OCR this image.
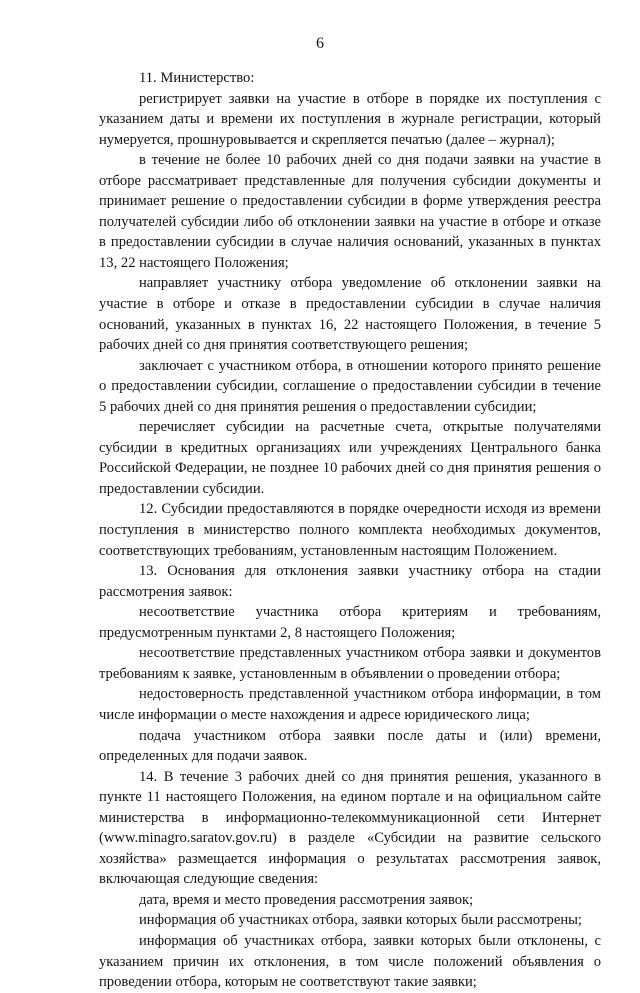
6

11. Министерство:

регистрирует заявки на участие в отборе в порядке их поступления с указанием даты и времени их поступления в журнале регистрации, который нумеруется, прошнуровывается и скрепляется печатью (далее – журнал);

в течение не более 10 рабочих дней со дня подачи заявки на участие в отборе рассматривает представленные для получения субсидии документы и принимает решение о предоставлении субсидии в форме утверждения реестра получателей субсидии либо об отклонении заявки на участие в отборе и отказе в предоставлении субсидии в случае наличия оснований, указанных в пунктах 13, 22 настоящего Положения;

направляет участнику отбора уведомление об отклонении заявки на участие в отборе и отказе в предоставлении субсидии в случае наличия оснований, указанных в пунктах 16, 22 настоящего Положения, в течение 5 рабочих дней со дня принятия соответствующего решения;

заключает с участником отбора, в отношении которого принято решение о предоставлении субсидии, соглашение о предоставлении субсидии в течение 5 рабочих дней со дня принятия решения о предоставлении субсидии;

перечисляет субсидии на расчетные счета, открытые получателями субсидии в кредитных организациях или учреждениях Центрального банка Российской Федерации, не позднее 10 рабочих дней со дня принятия решения о предоставлении субсидии.

12. Субсидии предоставляются в порядке очередности исходя из времени поступления в министерство полного комплекта необходимых документов, соответствующих требованиям, установленным настоящим Положением.

13. Основания для отклонения заявки участнику отбора на стадии рассмотрения заявок:

несоответствие участника отбора критериям и требованиям, предусмотренным пунктами 2, 8 настоящего Положения;

несоответствие представленных участником отбора заявки и документов требованиям к заявке, установленным в объявлении о проведении отбора;

недостоверность представленной участником отбора информации, в том числе информации о месте нахождения и адресе юридического лица;

подача участником отбора заявки после даты и (или) времени, определенных для подачи заявок.

14. В течение 3 рабочих дней со дня принятия решения, указанного в пункте 11 настоящего Положения, на едином портале и на официальном сайте министерства в информационно-телекоммуникационной сети Интернет (www.minagro.saratov.gov.ru) в разделе «Субсидии на развитие сельского хозяйства» размещается информация о результатах рассмотрения заявок, включающая следующие сведения:

дата, время и место проведения рассмотрения заявок;

информация об участниках отбора, заявки которых были рассмотрены;

информация об участниках отбора, заявки которых были отклонены, с указанием причин их отклонения, в том числе положений объявления о проведении отбора, которым не соответствуют такие заявки;
